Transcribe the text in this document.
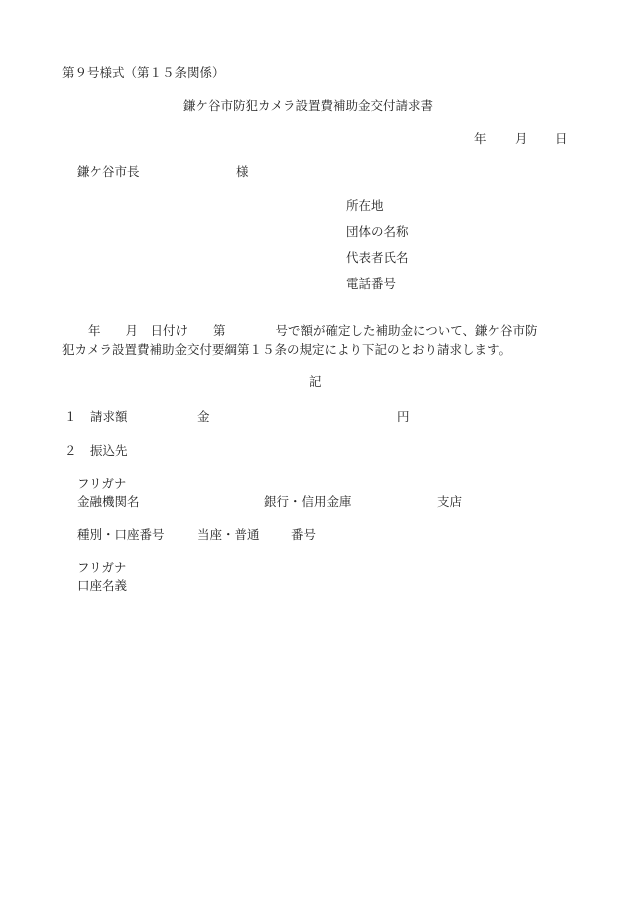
第９号様式（第１５条関係）
鎌ケ谷市防犯カメラ設置費補助金交付請求書
年 月 日
鎌ケ谷市長	様
所在地
団体の名称
代表者氏名
電話番号
年　　月　日付け　　第　　　　号で額が確定した補助金について、鎌ケ谷市防
犯カメラ設置費補助金交付要綱第１５条の規定により下記のとおり請求します。
記
１ 請求額	金	円
２ 振込先
フリガナ
金融機関名	銀行・信用金庫	支店
種別・口座番号	当座・普通	番号
フリガナ
口座名義
